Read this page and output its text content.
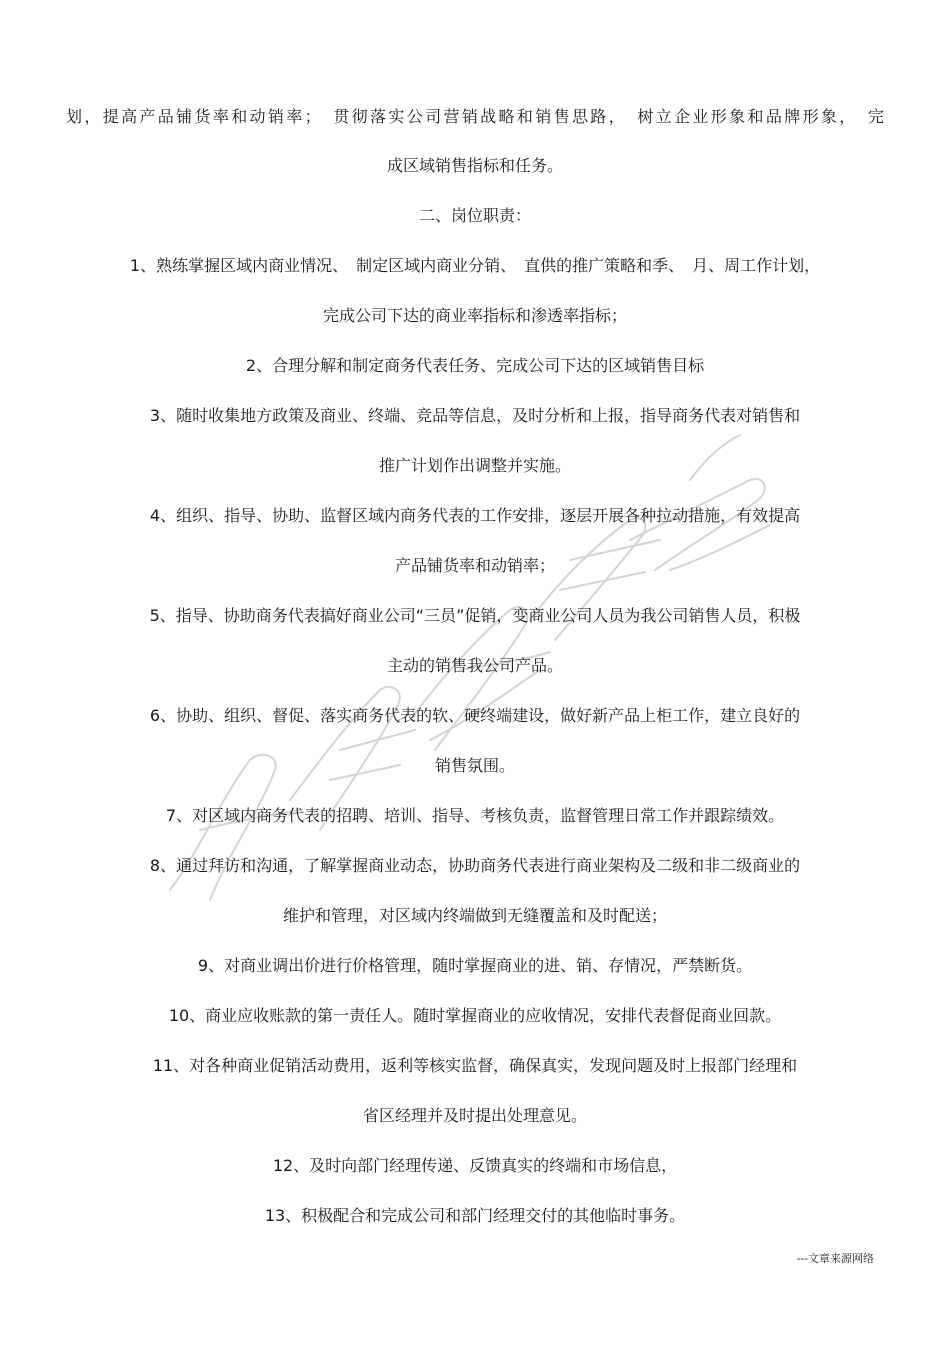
划，提高产品铺货率和动销率；　贯彻落实公司营销战略和销售思路，　树立企业形象和品牌形象，　完
成区域销售指标和任务。
二、岗位职责：
1、熟练掌握区域内商业情况、　制定区域内商业分销、　直供的推广策略和季、　月、周工作计划，
完成公司下达的商业率指标和渗透率指标；
2、合理分解和制定商务代表任务、完成公司下达的区域销售目标
3、随时收集地方政策及商业、终端、竞品等信息，及时分析和上报，指导商务代表对销售和
推广计划作出调整并实施。
4、组织、指导、协助、监督区域内商务代表的工作安排，逐层开展各种拉动措施，有效提高
产品铺货率和动销率；
5、指导、协助商务代表搞好商业公司“三员”促销，变商业公司人员为我公司销售人员，积极
主动的销售我公司产品。
6、协助、组织、督促、落实商务代表的软、硬终端建设，做好新产品上柜工作，建立良好的
销售氛围。
7、对区域内商务代表的招聘、培训、指导、考核负责，监督管理日常工作并跟踪绩效。
8、通过拜访和沟通，了解掌握商业动态，协助商务代表进行商业架构及二级和非二级商业的
维护和管理，对区域内终端做到无缝覆盖和及时配送；
9、对商业调出价进行价格管理，随时掌握商业的进、销、存情况，严禁断货。
10、商业应收账款的第一责任人。随时掌握商业的应收情况，安排代表督促商业回款。
11、对各种商业促销活动费用，返利等核实监督，确保真实，发现问题及时上报部门经理和
省区经理并及时提出处理意见。
12、及时向部门经理传递、反馈真实的终端和市场信息，
13、积极配合和完成公司和部门经理交付的其他临时事务。
---文章来源网络
